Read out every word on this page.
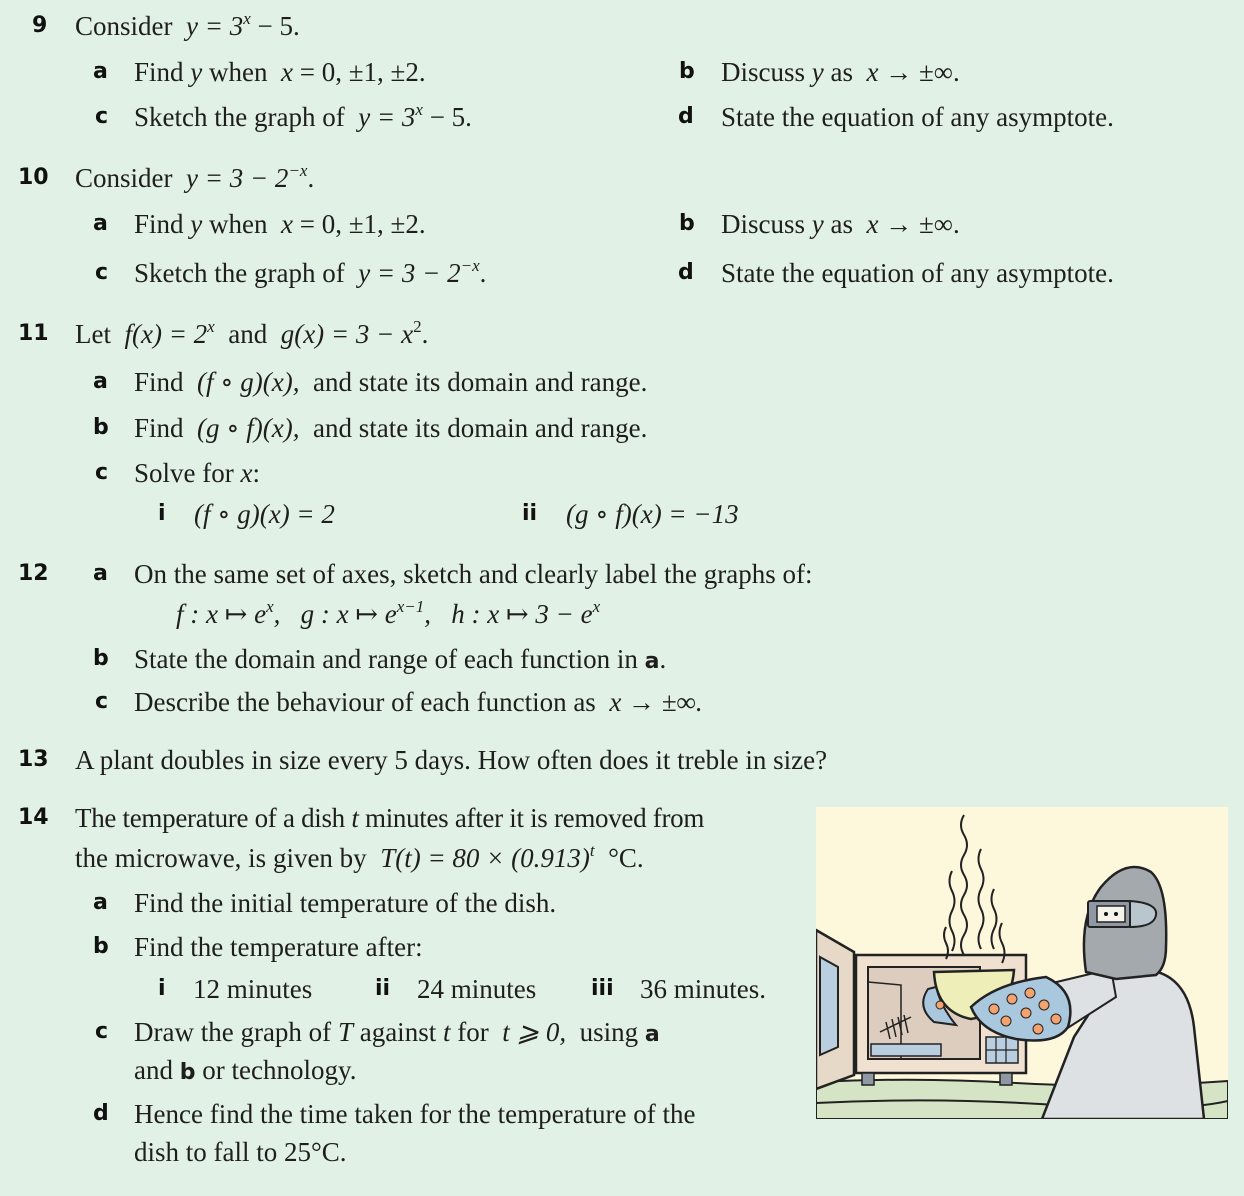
9 Consider $y = 3^x - 5$.
a Find y when  x = 0, ±1, ±2.	b Discuss y as  x → ±∞.
c Sketch the graph of  $y = 3^x - 5$.	d State the equation of any asymptote.
10 Consider $y = 3 - 2^{-x}$.
a Find y when  x = 0, ±1, ±2.	b Discuss y as  x → ±∞.
c Sketch the graph of  $y = 3 - 2^{-x}$.	d State the equation of any asymptote.
11 Let $f(x) = 2^x$ and $g(x) = 3 - x^2$.
a Find  (f ∘ g)(x),  and state its domain and range.
b Find  (g ∘ f)(x),  and state its domain and range.
c Solve for x:
i (f ∘ g)(x) = 2	ii (g ∘ f)(x) = −13
12 a On the same set of axes, sketch and clearly label the graphs of:
f : x ↦ $e^x$, g : x ↦ $e^{x-1}$, h : x ↦ $3 - e^x$
b State the domain and range of each function in a.
c Describe the behaviour of each function as  x → ±∞.
13 A plant doubles in size every 5 days. How often does it treble in size?
14 The temperature of a dish t minutes after it is removed from
the microwave, is given by  $T(t) = 80 \times (0.913)^t$ °C.
a Find the initial temperature of the dish.
b Find the temperature after:
i 12 minutes	ii 24 minutes iii 36 minutes.
c Draw the graph of T against t for  t ⩾ 0,  using a
and b or technology.
d Hence find the time taken for the temperature of the
dish to fall to 25°C.
